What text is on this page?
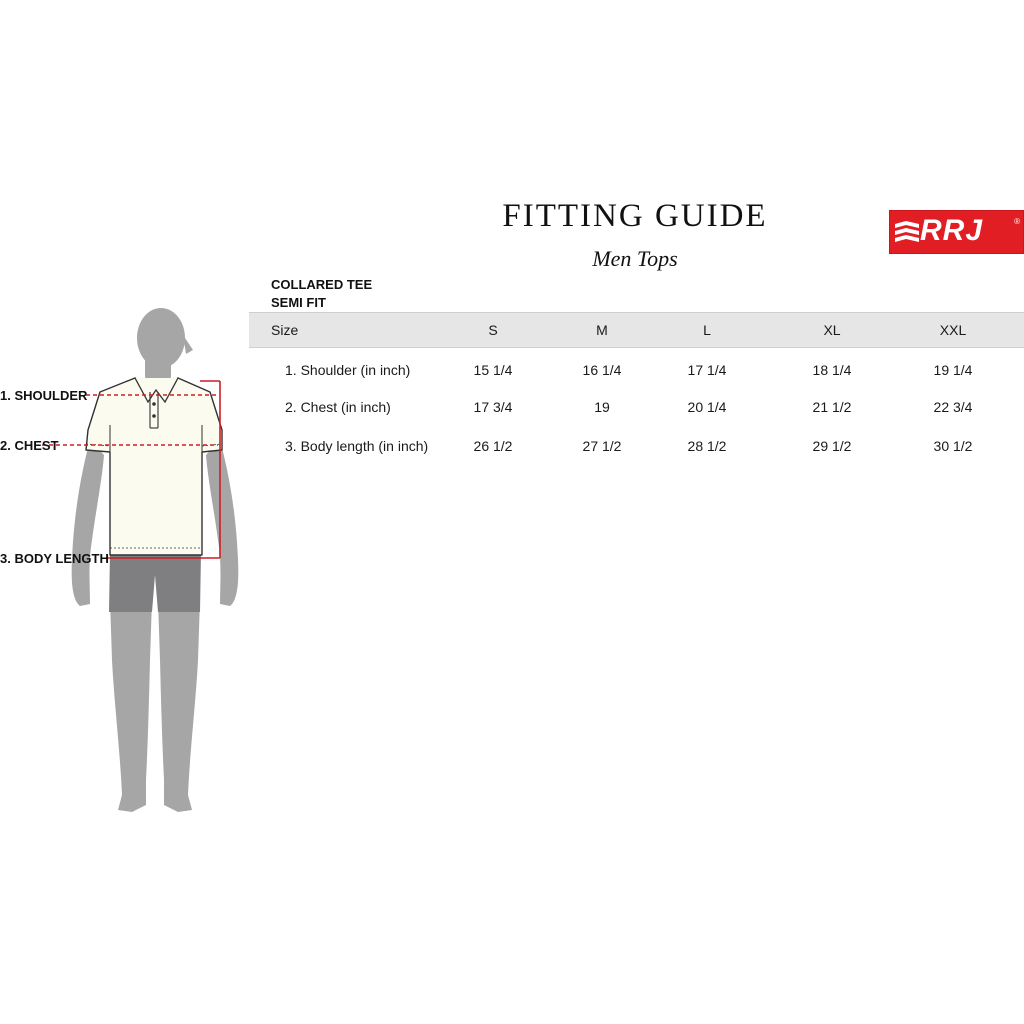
FITTING GUIDE
Men Tops
RRJ	®
COLLARED TEE
SEMI FIT
Size	S	M	L	XL	XXL
1. Shoulder (in inch)	15 1/4	16 1/4	17 1/4	18 1/4	19 1/4
2. Chest (in inch)	17 3/4	19	20 1/4	21 1/2	22 3/4
3. Body length (in inch)	26 1/2	27 1/2	28 1/2	29 1/2	30 1/2
1. SHOULDER
2. CHEST
3. BODY LENGTH
